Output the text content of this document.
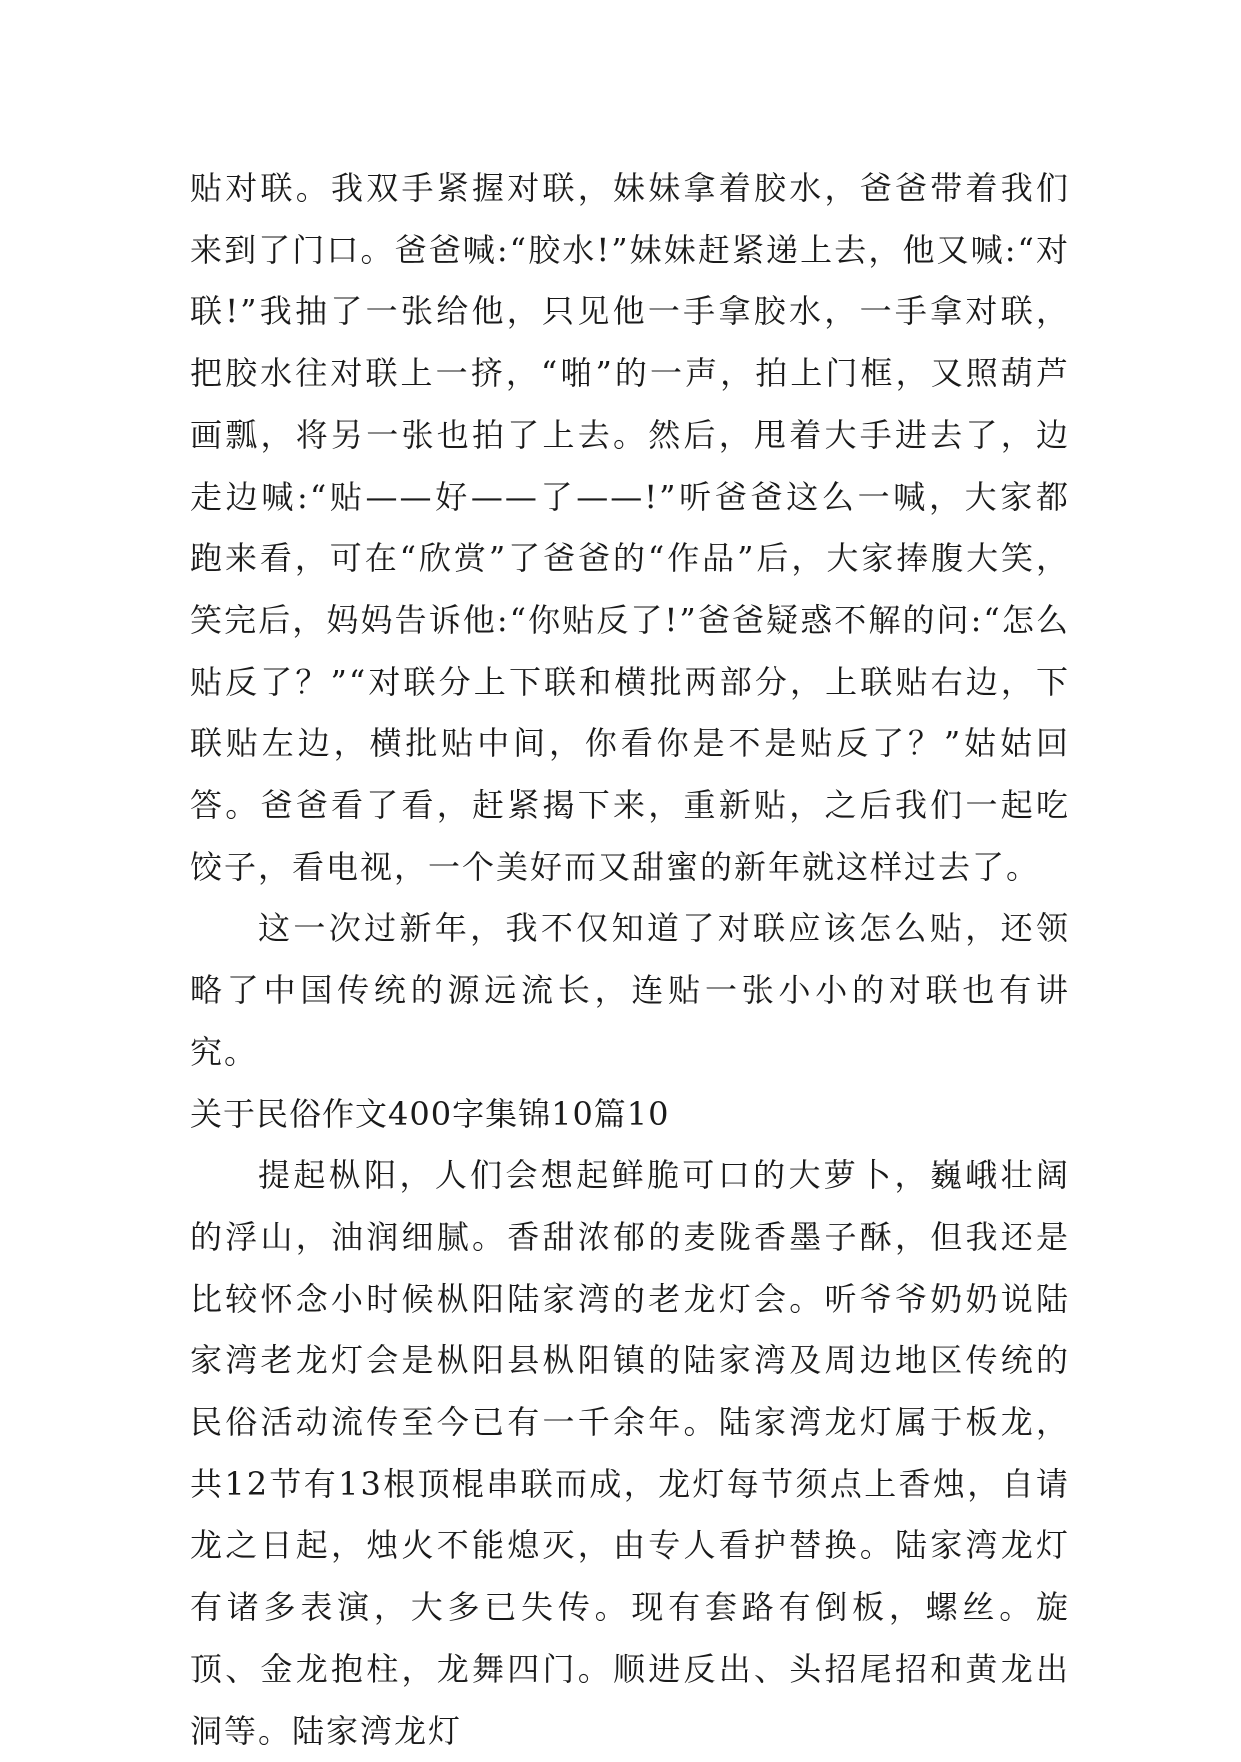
贴对联。我双手紧握对联，妹妹拿着胶水，爸爸带着我们来到了门口。爸爸喊:“胶水!”妹妹赶紧递上去，他又喊:“对联!”我抽了一张给他，只见他一手拿胶水，一手拿对联，把胶水往对联上一挤，“啪”的一声，拍上门框，又照葫芦画瓢，将另一张也拍了上去。然后，甩着大手进去了，边走边喊:“贴——好——了——!”听爸爸这么一喊，大家都跑来看，可在“欣赏”了爸爸的“作品”后，大家捧腹大笑，笑完后，妈妈告诉他:“你贴反了!”爸爸疑惑不解的问:“怎么贴反了？”“对联分上下联和横批两部分，上联贴右边，下联贴左边，横批贴中间，你看你是不是贴反了？”姑姑回答。爸爸看了看，赶紧揭下来，重新贴，之后我们一起吃饺子，看电视，一个美好而又甜蜜的新年就这样过去了。

这一次过新年，我不仅知道了对联应该怎么贴，还领略了中国传统的源远流长，连贴一张小小的对联也有讲究。

关于民俗作文400字集锦10篇10

提起枞阳，人们会想起鲜脆可口的大萝卜，巍峨壮阔的浮山，油润细腻。香甜浓郁的麦陇香墨子酥，但我还是比较怀念小时候枞阳陆家湾的老龙灯会。听爷爷奶奶说陆家湾老龙灯会是枞阳县枞阳镇的陆家湾及周边地区传统的民俗活动流传至今已有一千余年。陆家湾龙灯属于板龙，共12节有13根顶棍串联而成，龙灯每节须点上香烛，自请龙之日起，烛火不能熄灭，由专人看护替换。陆家湾龙灯有诸多表演，大多已失传。现有套路有倒板，螺丝。旋顶、金龙抱柱，龙舞四门。顺进反出、头招尾招和黄龙出洞等。陆家湾龙灯
